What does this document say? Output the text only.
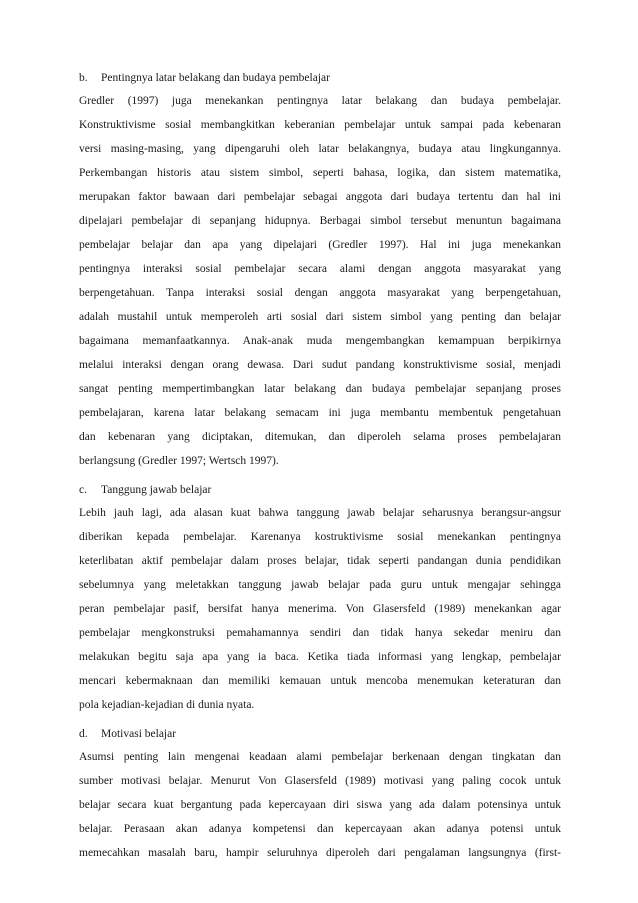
b. Pentingnya latar belakang dan budaya pembelajar
Gredler (1997) juga menekankan pentingnya latar belakang dan budaya pembelajar.
Konstruktivisme sosial membangkitkan keberanian pembelajar untuk sampai pada kebenaran
versi masing-masing, yang dipengaruhi oleh latar belakangnya, budaya atau lingkungannya.
Perkembangan historis atau sistem simbol, seperti bahasa, logika, dan sistem matematika,
merupakan faktor bawaan dari pembelajar sebagai anggota dari budaya tertentu dan hal ini
dipelajari pembelajar di sepanjang hidupnya. Berbagai simbol tersebut menuntun bagaimana
pembelajar belajar dan apa yang dipelajari (Gredler 1997). Hal ini juga menekankan
pentingnya interaksi sosial pembelajar secara alami dengan anggota masyarakat yang
berpengetahuan. Tanpa interaksi sosial dengan anggota masyarakat yang berpengetahuan,
adalah mustahil untuk memperoleh arti sosial dari sistem simbol yang penting dan belajar
bagaimana memanfaatkannya. Anak-anak muda mengembangkan kemampuan berpikirnya
melalui interaksi dengan orang dewasa. Dari sudut pandang konstruktivisme sosial, menjadi
sangat penting mempertimbangkan latar belakang dan budaya pembelajar sepanjang proses
pembelajaran, karena latar belakang semacam ini juga membantu membentuk pengetahuan
dan kebenaran yang diciptakan, ditemukan, dan diperoleh selama proses pembelajaran
berlangsung (Gredler 1997; Wertsch 1997).
c. Tanggung jawab belajar
Lebih jauh lagi, ada alasan kuat bahwa tanggung jawab belajar seharusnya berangsur-angsur
diberikan kepada pembelajar. Karenanya kostruktivisme sosial menekankan pentingnya
keterlibatan aktif pembelajar dalam proses belajar, tidak seperti pandangan dunia pendidikan
sebelumnya yang meletakkan tanggung jawab belajar pada guru untuk mengajar sehingga
peran pembelajar pasif, bersifat hanya menerima. Von Glasersfeld (1989) menekankan agar
pembelajar mengkonstruksi pemahamannya sendiri dan tidak hanya sekedar meniru dan
melakukan begitu saja apa yang ia baca. Ketika tiada informasi yang lengkap, pembelajar
mencari kebermaknaan dan memiliki kemauan untuk mencoba menemukan keteraturan dan
pola kejadian-kejadian di dunia nyata.
d. Motivasi belajar
Asumsi penting lain mengenai keadaan alami pembelajar berkenaan dengan tingkatan dan
sumber motivasi belajar. Menurut Von Glasersfeld (1989) motivasi yang paling cocok untuk
belajar secara kuat bergantung pada kepercayaan diri siswa yang ada dalam potensinya untuk
belajar. Perasaan akan adanya kompetensi dan kepercayaan akan adanya potensi untuk
memecahkan masalah baru, hampir seluruhnya diperoleh dari pengalaman langsungnya (first-
